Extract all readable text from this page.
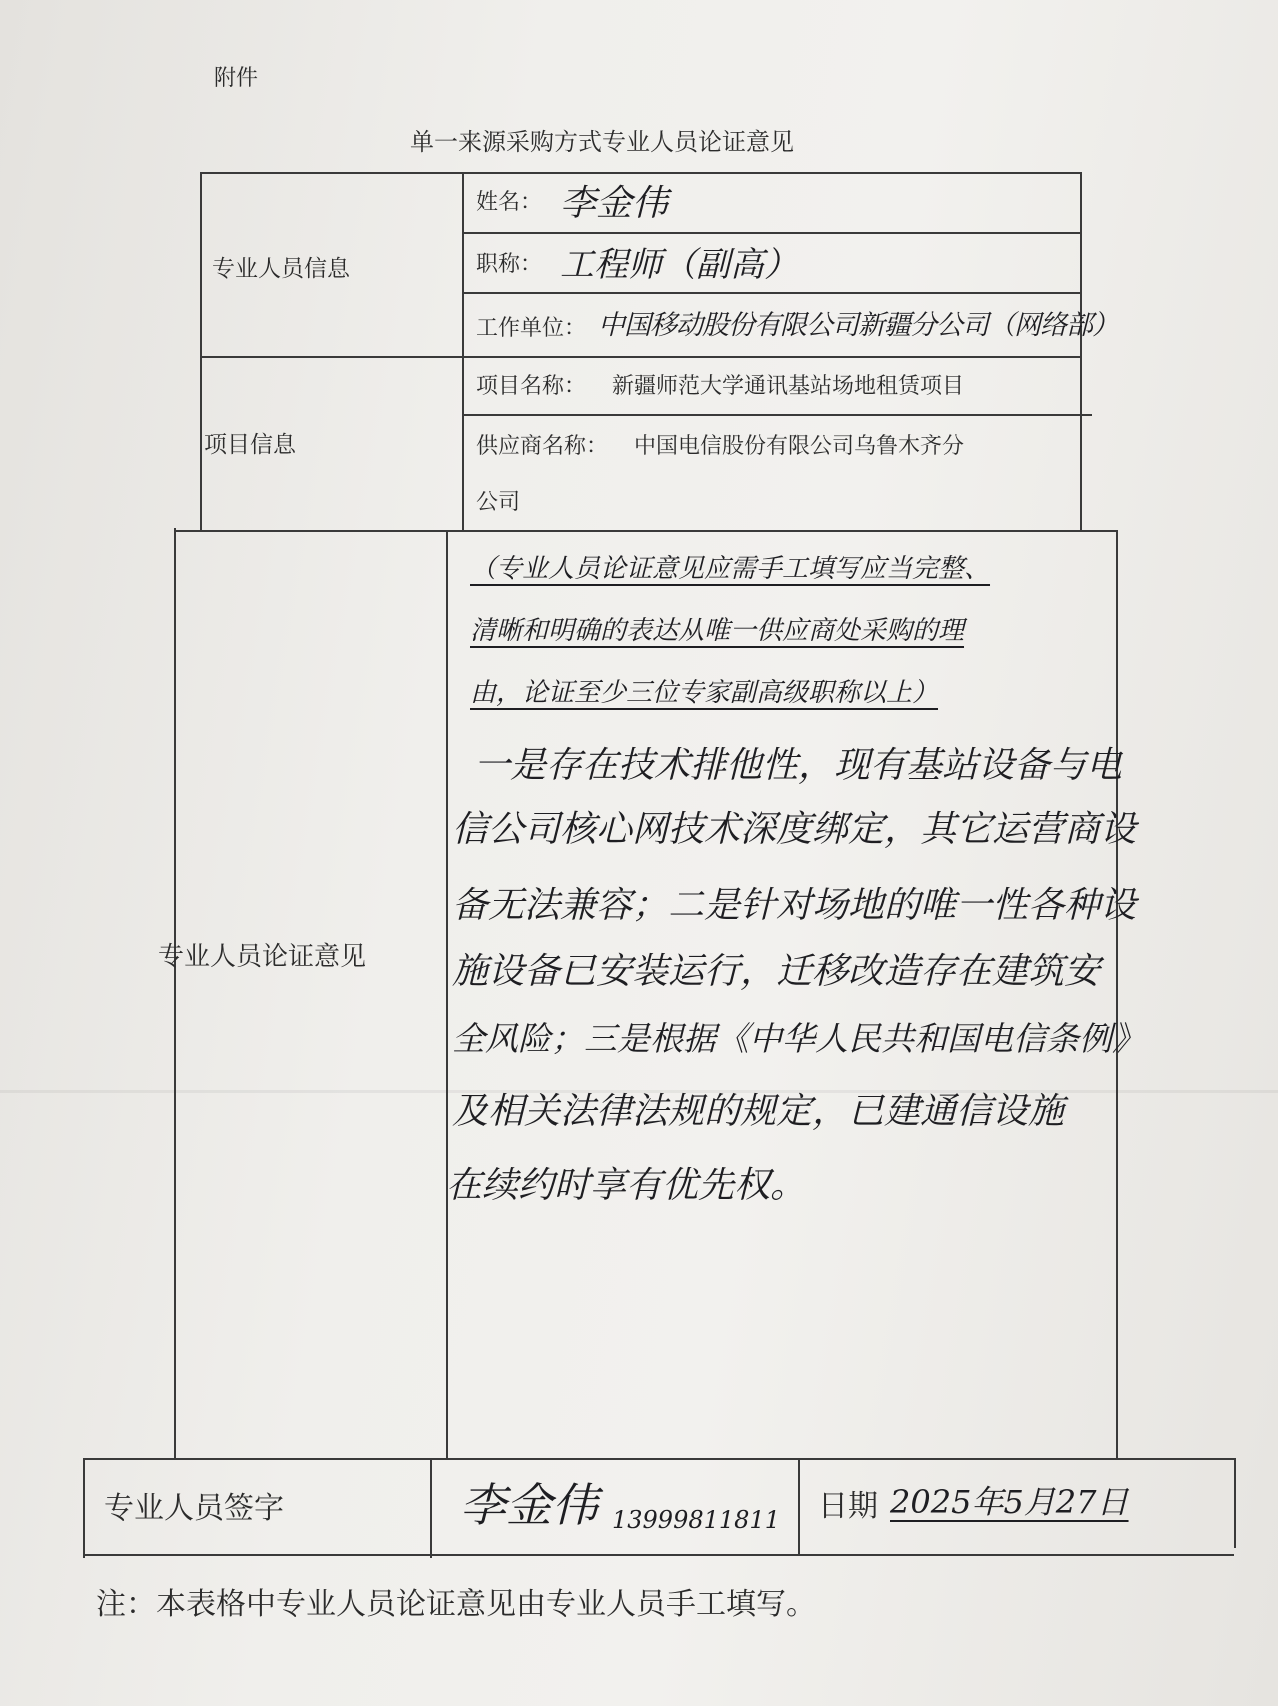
附件
单一来源采购方式专业人员论证意见
专业人员信息
姓名： 李金伟
职称： 工程师（副高）
工作单位： 中国移动股份有限公司新疆分公司（网络部）
项目信息
项目名称： 新疆师范大学通讯基站场地租赁项目
供应商名称： 中国电信股份有限公司乌鲁木齐分
公司
专业人员论证意见
（专业人员论证意见应需手工填写应当完整、
清晰和明确的表达从唯一供应商处采购的理
由，论证至少三位专家副高级职称以上）
一是存在技术排他性，现有基站设备与电
信公司核心网技术深度绑定，其它运营商设
备无法兼容；二是针对场地的唯一性各种设
施设备已安装运行，迁移改造存在建筑安
全风险；三是根据《中华人民共和国电信条例》
及相关法律法规的规定，已建通信设施
在续约时享有优先权。
专业人员签字	李金伟 13999811811 日期 2025年5月27日
注：本表格中专业人员论证意见由专业人员手工填写。
